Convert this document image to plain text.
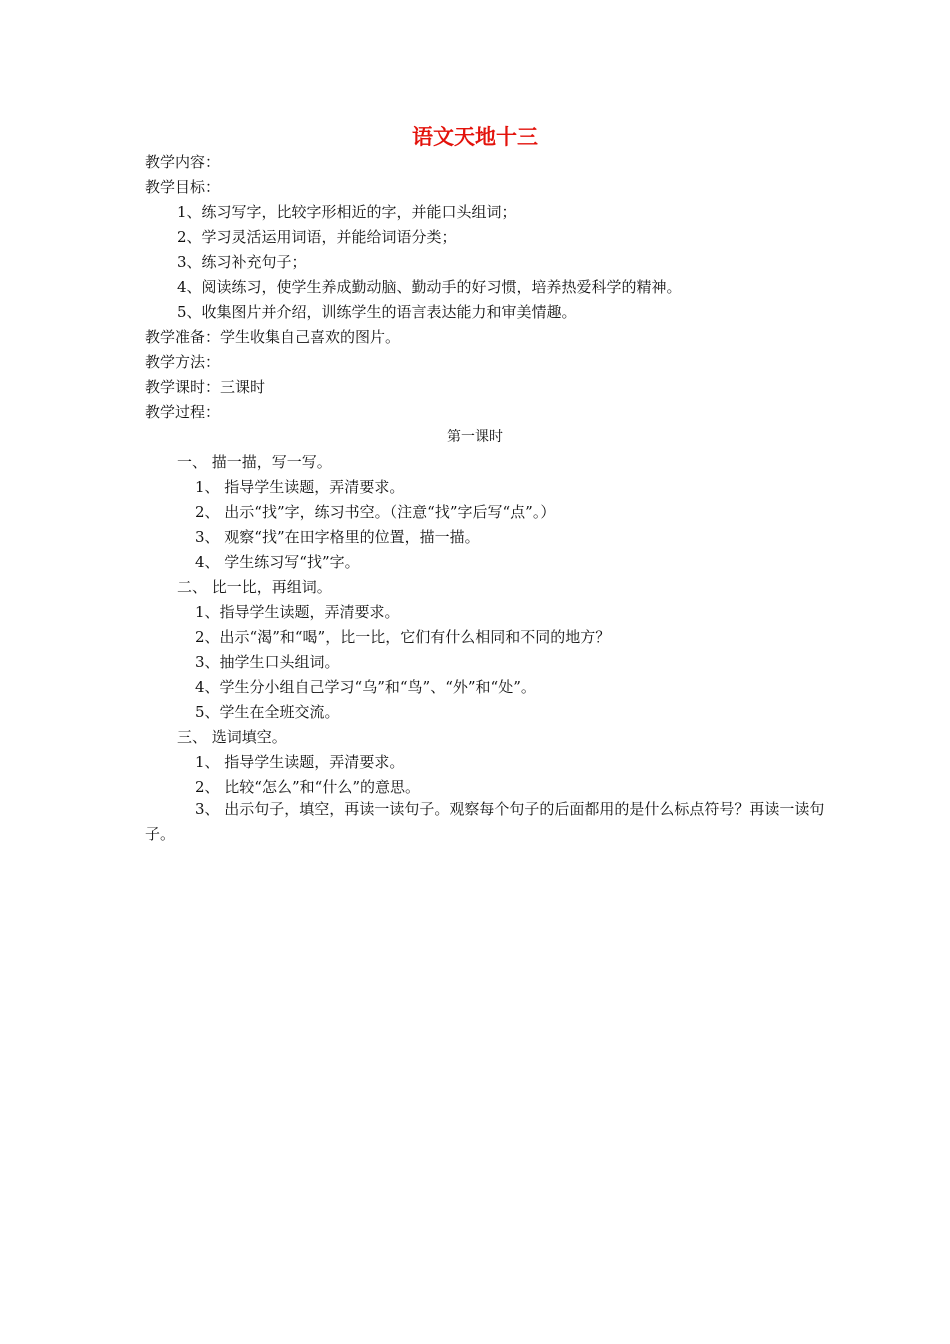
语文天地十三
教学内容：
教学目标：
1、练习写字，比较字形相近的字，并能口头组词；
2、学习灵活运用词语，并能给词语分类；
3、练习补充句子；
4、阅读练习，使学生养成勤动脑、勤动手的好习惯，培养热爱科学的精神。
5、收集图片并介绍，训练学生的语言表达能力和审美情趣。
教学准备：学生收集自己喜欢的图片。
教学方法：
教学课时：三课时
教学过程：
第一课时
一、 描一描，写一写。
1、 指导学生读题，弄清要求。
2、 出示“找”字，练习书空。（注意“找”字后写“点”。）
3、 观察“找”在田字格里的位置，描一描。
4、 学生练习写“找”字。
二、 比一比，再组词。
1、指导学生读题，弄清要求。
2、出示“渴”和“喝”，比一比，它们有什么相同和不同的地方？
3、抽学生口头组词。
4、学生分小组自己学习“乌”和“鸟”、“外”和“处”。
5、学生在全班交流。
三、 选词填空。
1、 指导学生读题，弄清要求。
2、 比较“怎么”和“什么”的意思。
3、 出示句子，填空，再读一读句子。观察每个句子的后面都用的是什么标点符号？再读一读句子。
